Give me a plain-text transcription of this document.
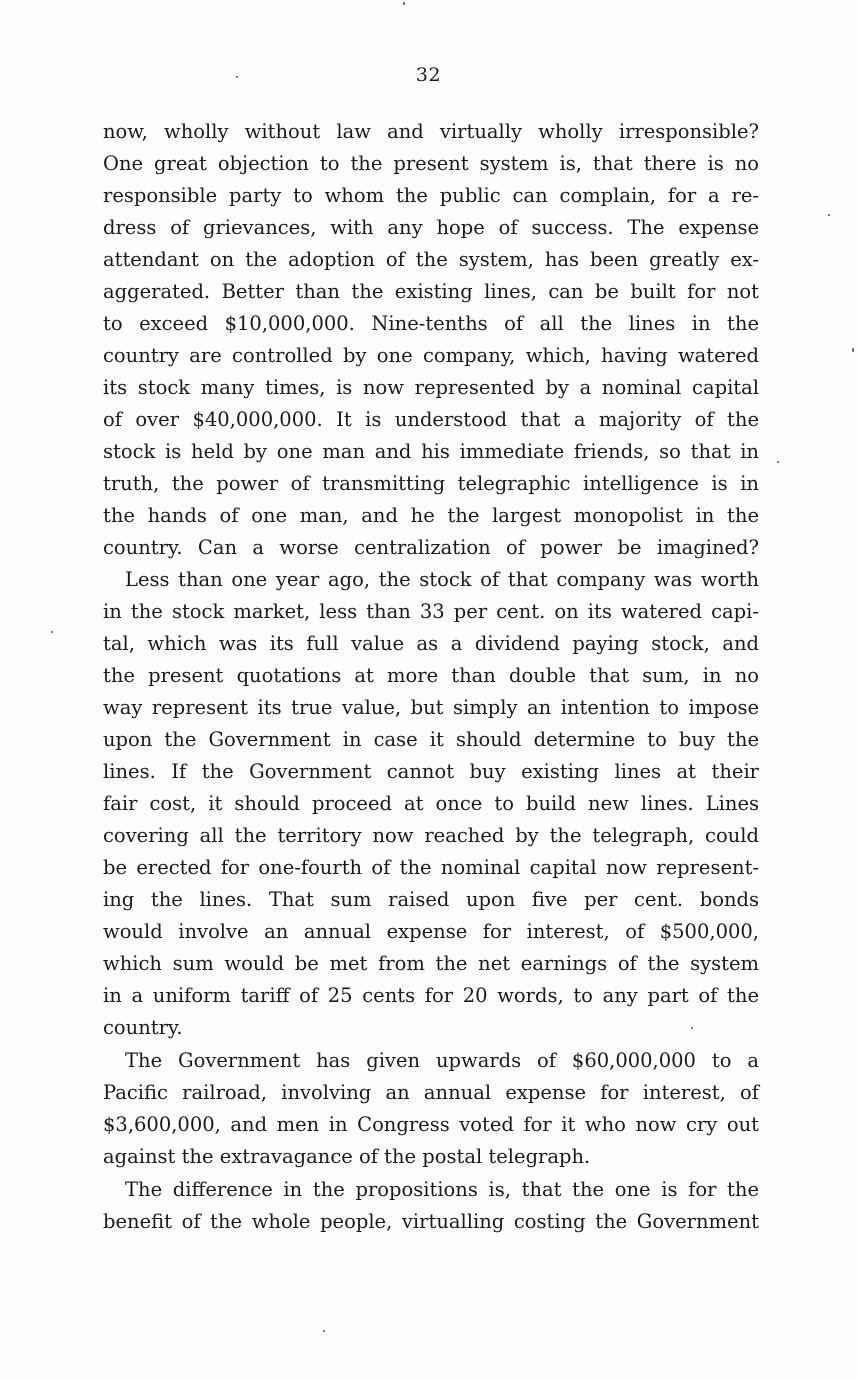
32
now, wholly without law and virtually wholly irresponsible?
One great objection to the present system is, that there is no
responsible party to whom the public can complain, for a re-
dress of grievances, with any hope of success. The expense
attendant on the adoption of the system, has been greatly ex-
aggerated. Better than the existing lines, can be built for not
to exceed $10,000,000. Nine-tenths of all the lines in the
country are controlled by one company, which, having watered
its stock many times, is now represented by a nominal capital
of over $40,000,000. It is understood that a majority of the
stock is held by one man and his immediate friends, so that in
truth, the power of transmitting telegraphic intelligence is in
the hands of one man, and he the largest monopolist in the
country. Can a worse centralization of power be imagined?
Less than one year ago, the stock of that company was worth
in the stock market, less than 33 per cent. on its watered capi-
tal, which was its full value as a dividend paying stock, and
the present quotations at more than double that sum, in no
way represent its true value, but simply an intention to impose
upon the Government in case it should determine to buy the
lines. If the Government cannot buy existing lines at their
fair cost, it should proceed at once to build new lines. Lines
covering all the territory now reached by the telegraph, could
be erected for one-fourth of the nominal capital now represent-
ing the lines. That sum raised upon five per cent. bonds
would involve an annual expense for interest, of $500,000,
which sum would be met from the net earnings of the system
in a uniform tariff of 25 cents for 20 words, to any part of the
country.
The Government has given upwards of $60,000,000 to a
Pacific railroad, involving an annual expense for interest, of
$3,600,000, and men in Congress voted for it who now cry out
against the extravagance of the postal telegraph.
The difference in the propositions is, that the one is for the
benefit of the whole people, virtualling costing the Government
